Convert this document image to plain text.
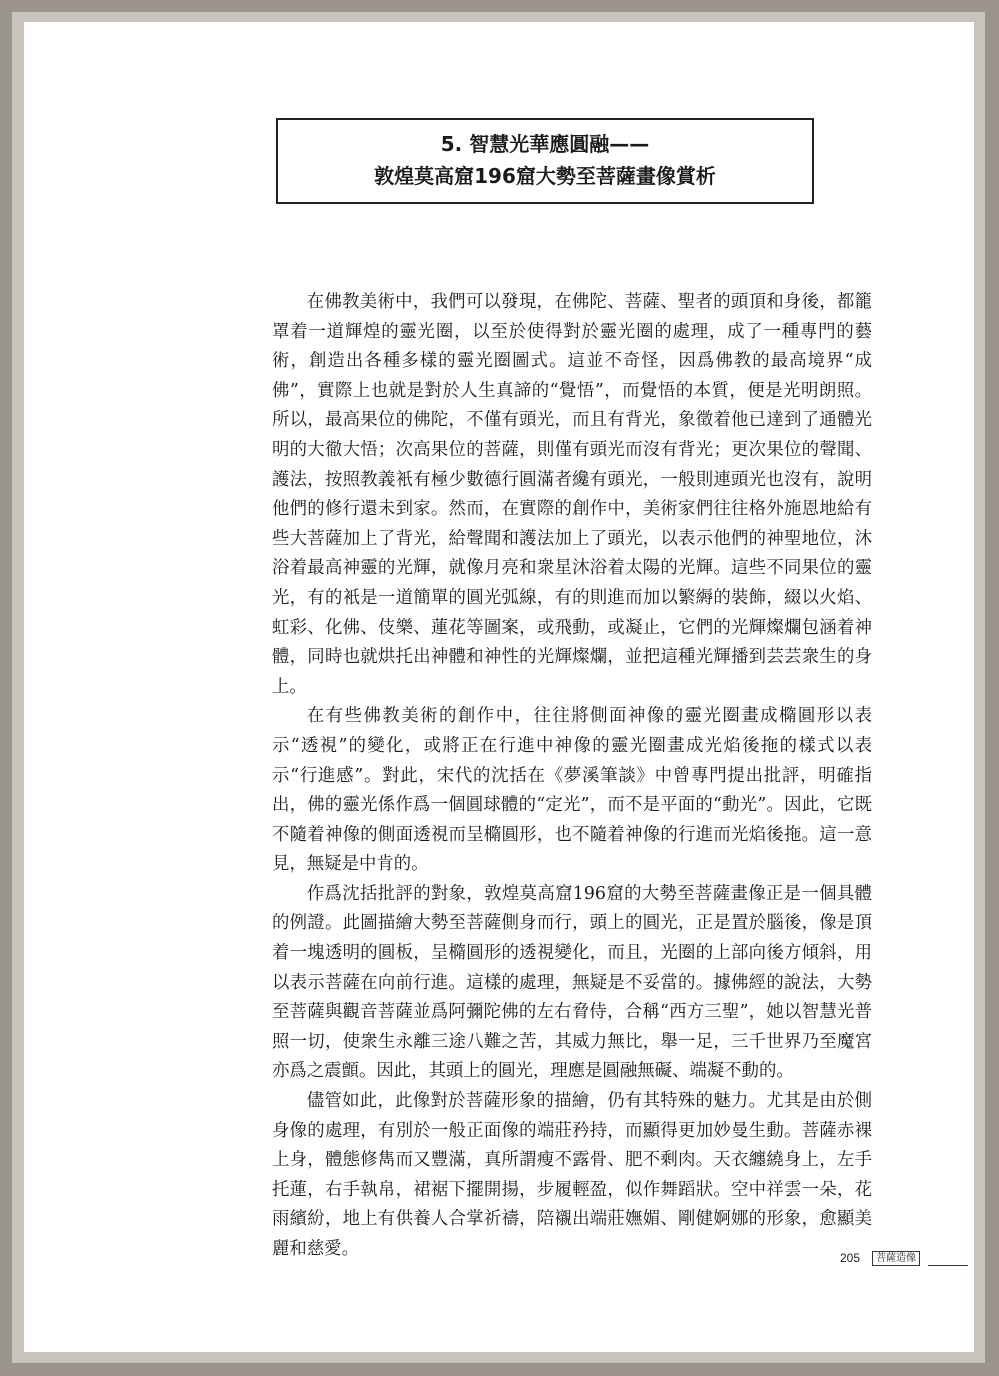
5. 智慧光華應圓融——
敦煌莫高窟196窟大勢至菩薩畫像賞析

在佛教美術中，我們可以發現，在佛陀、菩薩、聖者的頭頂和身後，都籠罩着一道輝煌的靈光圈，以至於使得對於靈光圈的處理，成了一種專門的藝術，創造出各種多樣的靈光圈圖式。這並不奇怪，因爲佛教的最高境界“成佛”，實際上也就是對於人生真諦的“覺悟”，而覺悟的本質，便是光明朗照。所以，最高果位的佛陀，不僅有頭光，而且有背光，象徵着他已達到了通體光明的大徹大悟；次高果位的菩薩，則僅有頭光而沒有背光；更次果位的聲聞、護法，按照教義衹有極少數德行圓滿者纔有頭光，一般則連頭光也沒有，說明他們的修行還未到家。然而，在實際的創作中，美術家們往往格外施恩地給有些大菩薩加上了背光，給聲聞和護法加上了頭光，以表示他們的神聖地位，沐浴着最高神靈的光輝，就像月亮和衆星沐浴着太陽的光輝。這些不同果位的靈光，有的衹是一道簡單的圓光弧線，有的則進而加以繁縟的裝飾，綴以火焰、虹彩、化佛、伎樂、蓮花等圖案，或飛動，或凝止，它們的光輝燦爛包涵着神體，同時也就烘托出神體和神性的光輝燦爛，並把這種光輝播到芸芸衆生的身上。

在有些佛教美術的創作中，往往將側面神像的靈光圈畫成橢圓形以表示“透視”的變化，或將正在行進中神像的靈光圈畫成光焰後拖的樣式以表示“行進感”。對此，宋代的沈括在《夢溪筆談》中曾專門提出批評，明確指出，佛的靈光係作爲一個圓球體的“定光”，而不是平面的“動光”。因此，它既不隨着神像的側面透視而呈橢圓形，也不隨着神像的行進而光焰後拖。這一意見，無疑是中肯的。

作爲沈括批評的對象，敦煌莫高窟196窟的大勢至菩薩畫像正是一個具體的例證。此圖描繪大勢至菩薩側身而行，頭上的圓光，正是置於腦後，像是頂着一塊透明的圓板，呈橢圓形的透視變化，而且，光圈的上部向後方傾斜，用以表示菩薩在向前行進。這樣的處理，無疑是不妥當的。據佛經的說法，大勢至菩薩與觀音菩薩並爲阿彌陀佛的左右脅侍，合稱“西方三聖”，她以智慧光普照一切，使衆生永離三途八難之苦，其威力無比，舉一足，三千世界乃至魔宮亦爲之震顫。因此，其頭上的圓光，理應是圓融無礙、端凝不動的。

儘管如此，此像對於菩薩形象的描繪，仍有其特殊的魅力。尤其是由於側身像的處理，有別於一般正面像的端莊矜持，而顯得更加妙曼生動。菩薩赤裸上身，體態修雋而又豐滿，真所謂瘦不露骨、肥不剩肉。天衣纏繞身上，左手托蓮，右手執帛，裙裾下擺開揚，步履輕盈，似作舞蹈狀。空中祥雲一朵，花雨繽紛，地上有供養人合掌祈禱，陪襯出端莊嫵媚、剛健婀娜的形象，愈顯美麗和慈愛。	205	菩薩造像
